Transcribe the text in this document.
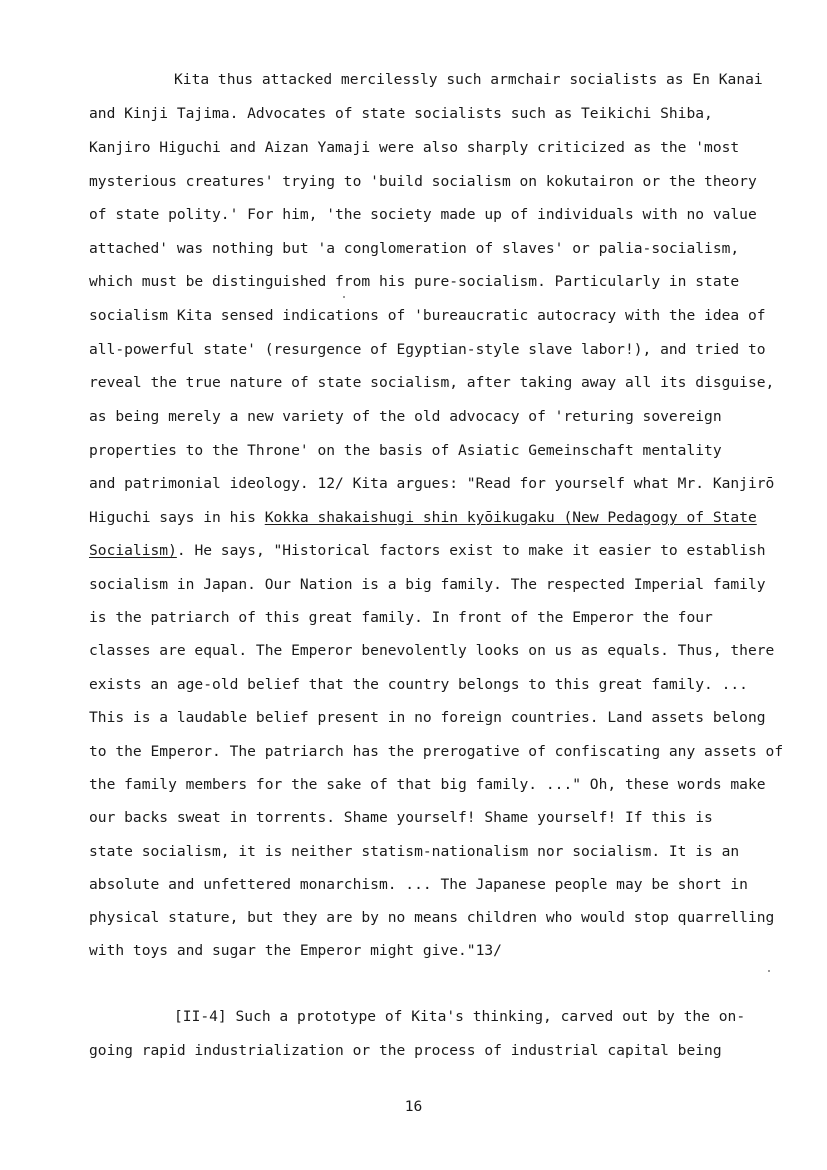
Kita thus attacked mercilessly such armchair socialists as En Kanai
and Kinji Tajima. Advocates of state socialists such as Teikichi Shiba,
Kanjiro Higuchi and Aizan Yamaji were also sharply criticized as the 'most
mysterious creatures' trying to 'build socialism on kokutairon or the theory
of state polity.' For him, 'the society made up of individuals with no value
attached' was nothing but 'a conglomeration of slaves' or palia-socialism,
which must be distinguished from his pure-socialism. Particularly in state
socialism Kita sensed indications of 'bureaucratic autocracy with the idea of
all-powerful state' (resurgence of Egyptian-style slave labor!), and tried to
reveal the true nature of state socialism, after taking away all its disguise,
as being merely a new variety of the old advocacy of 'returing sovereign
properties to the Throne' on the basis of Asiatic Gemeinschaft mentality
and patrimonial ideology. 12/ Kita argues: "Read for yourself what Mr. Kanjirō
Higuchi says in his Kokka shakaishugi shin kyōikugaku (New Pedagogy of State
Socialism). He says, "Historical factors exist to make it easier to establish
socialism in Japan. Our Nation is a big family. The respected Imperial family
is the patriarch of this great family. In front of the Emperor the four
classes are equal. The Emperor benevolently looks on us as equals. Thus, there
exists an age-old belief that the country belongs to this great family. ...
This is a laudable belief present in no foreign countries. Land assets belong
to the Emperor. The patriarch has the prerogative of confiscating any assets of
the family members for the sake of that big family. ..." Oh, these words make
our backs sweat in torrents. Shame yourself! Shame yourself! If this is
state socialism, it is neither statism-nationalism nor socialism. It is an
absolute and unfettered monarchism. ... The Japanese people may be short in
physical stature, but they are by no means children who would stop quarrelling
with toys and sugar the Emperor might give."13/
[II-4] Such a prototype of Kita's thinking, carved out by the on-
going rapid industrialization or the process of industrial capital being
16
